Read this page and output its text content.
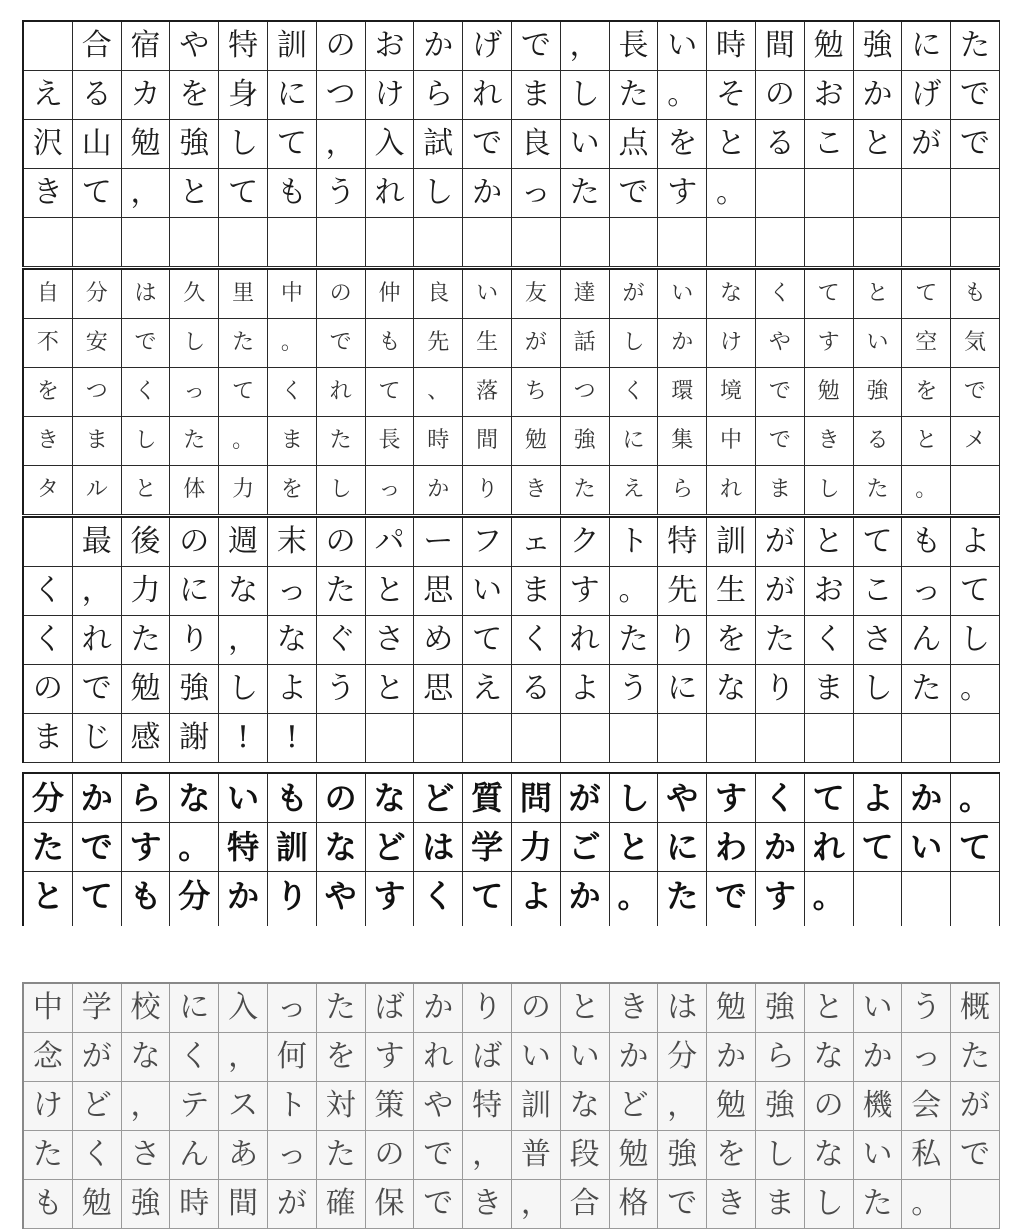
合 宿 や 特 訓 の お か げ で ， 長 い 時 間 勉 強 に た
え る カ を 身 に つ け ら れ ま し た 。 そ の お か げ で
沢 山 勉 強 し て ， 入 試 で 良 い 点 を と る こ と が で
き て ， と て も う れ し か っ た で す 。
自	分	は	久	里	中	の	仲	良	い	友	達	が	い	な	く	て	と	て	も
不	安	で	し	た	。	で	も	先	生	が	話	し	か	け	や	す	い	空	気
を	つ	く	っ	て	く	れ	て	、	落	ち	つ	く	環	境	で	勉	強	を	で
き	ま	し	た	。	ま	た	長	時	間	勉	強	に	集	中	で	き	る	と	メ
タ	ル	と	体	力	を	し	っ	か	り	き	た	え	ら	れ	ま	し	た	。
最 後 の 週 末 の パ ー フ ェ ク ト 特 訓 が と て も よ
く ， 力 に な っ た と 思 い ま す 。 先 生 が お こ っ て
く れ た り ， な ぐ さ め て く れ た り を た く さ ん し
の で 勉 強 し よ う と 思 え る よ う に な り ま し た 。
ま じ 感 謝 !	!
分 か ら な い も の な ど 質 問 が し や す く て よ か 。
た で す 。 特 訓 な ど は 学 力 ご と に わ か れ て い て
と て も 分 か り や す く て よ か 。 た で す 。
中 学 校 に 入 っ た ば か り の と き は 勉 強 と い う 概
念 が な く ， 何 を す れ ば い い か 分 か ら な か っ た
け ど ， テ ス ト 対 策 や 特 訓 な ど ， 勉 強 の 機 会 が
た く さ ん あ っ た の で ， 普 段 勉 強 を し な い 私 で
も 勉 強 時 間 が 確 保 で き ， 合 格 で き ま し た 。
